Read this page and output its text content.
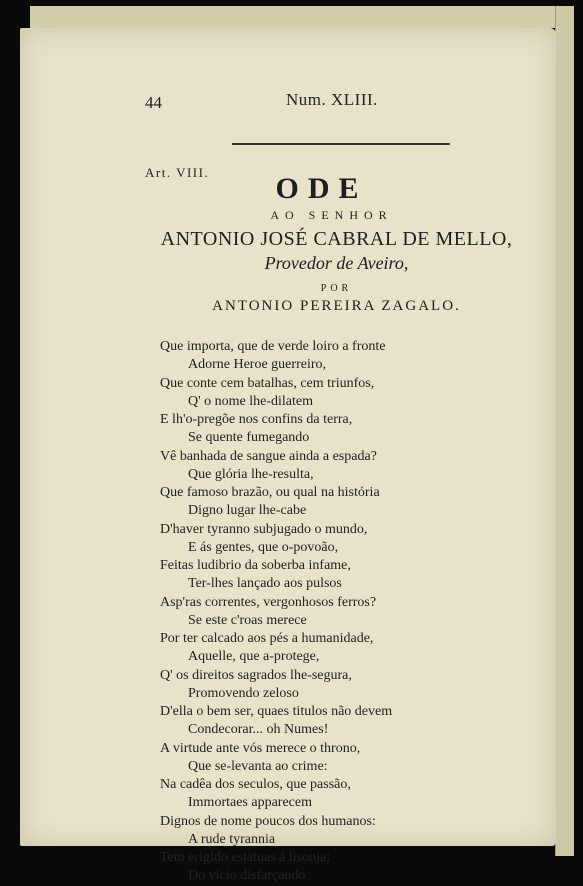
44	Num. XLIII.
Art. VIII.	ODE
AO SENHOR
ANTONIO JOSÉ CABRAL DE MELLO,
Provedor de Aveiro,
POR
ANTONIO PEREIRA ZAGALO.
Que importa, que de verde loiro a fronte
Adorne Heroe guerreiro,
Que conte cem batalhas, cem triunfos,
Q' o nome lhe-dilatem
E lh'o-pregõe nos confins da terra,
Se quente fumegando
Vê banhada de sangue ainda a espada?
Que glória lhe-resulta,
Que famoso brazão, ou qual na história
Digno lugar lhe-cabe
D'haver tyranno subjugado o mundo,
E ás gentes, que o-povoão,
Feitas ludibrio da soberba infame,
Ter-lhes lançado aos pulsos
Asp'ras correntes, vergonhosos ferros?
Se este c'roas merece
Por ter calcado aos pés a humanidade,
Aquelle, que a-protege,
Q' os direitos sagrados lhe-segura,
Promovendo zeloso
D'ella o bem ser, quaes titulos não devem
Condecorar... oh Numes!
A virtude ante vós merece o throno,
Que se-levanta ao crime:
Na cadêa dos seculos, que passão,
Immortaes apparecem
Dignos de nome poucos dos humanos:
A rude tyrannia
Tem erigido estatuas á lisonja;
Do vício disfarçando
